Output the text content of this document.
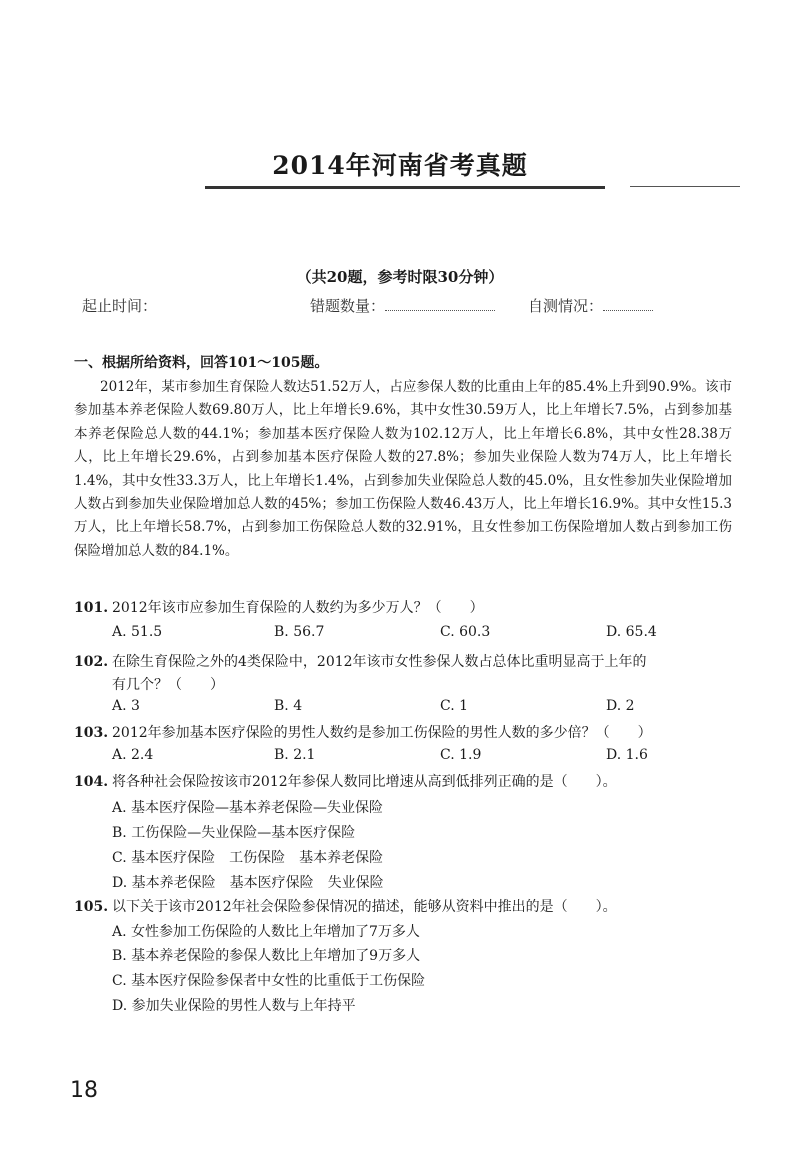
2014年河南省考真题
（共20题，参考时限30分钟）
起止时间：	错题数量：	自测情况：
一、根据所给资料，回答101～105题。
2012年，某市参加生育保险人数达51.52万人，占应参保人数的比重由上年的85.4%上升到90.9%。该市参加基本养老保险人数69.80万人，比上年增长9.6%，其中女性30.59万人，比上年增长7.5%，占到参加基本养老保险总人数的44.1%；参加基本医疗保险人数为102.12万人，比上年增长6.8%，其中女性28.38万人，比上年增长29.6%，占到参加基本医疗保险人数的27.8%；参加失业保险人数为74万人，比上年增长1.4%，其中女性33.3万人，比上年增长1.4%，占到参加失业保险总人数的45.0%，且女性参加失业保险增加人数占到参加失业保险增加总人数的45%；参加工伤保险人数46.43万人，比上年增长16.9%。其中女性15.3万人，比上年增长58.7%，占到参加工伤保险总人数的32.91%，且女性参加工伤保险增加人数占到参加工伤保险增加总人数的84.1%。
101. 2012年该市应参加生育保险的人数约为多少万人？（　　）
A. 51.5	B. 56.7	C. 60.3	D. 65.4
102. 在除生育保险之外的4类保险中，2012年该市女性参保人数占总体比重明显高于上年的
有几个？（　　）
A. 3	B. 4	C. 1	D. 2
103. 2012年参加基本医疗保险的男性人数约是参加工伤保险的男性人数的多少倍？（　　）
A. 2.4	B. 2.1	C. 1.9	D. 1.6
104. 将各种社会保险按该市2012年参保人数同比增速从高到低排列正确的是（　　）。
A. 基本医疗保险—基本养老保险—失业保险
B. 工伤保险—失业保险—基本医疗保险
C. 基本医疗保险　工伤保险　基本养老保险
D. 基本养老保险　基本医疗保险　失业保险
105. 以下关于该市2012年社会保险参保情况的描述，能够从资料中推出的是（　　）。
A. 女性参加工伤保险的人数比上年增加了7万多人
B. 基本养老保险的参保人数比上年增加了9万多人
C. 基本医疗保险参保者中女性的比重低于工伤保险
D. 参加失业保险的男性人数与上年持平
18
